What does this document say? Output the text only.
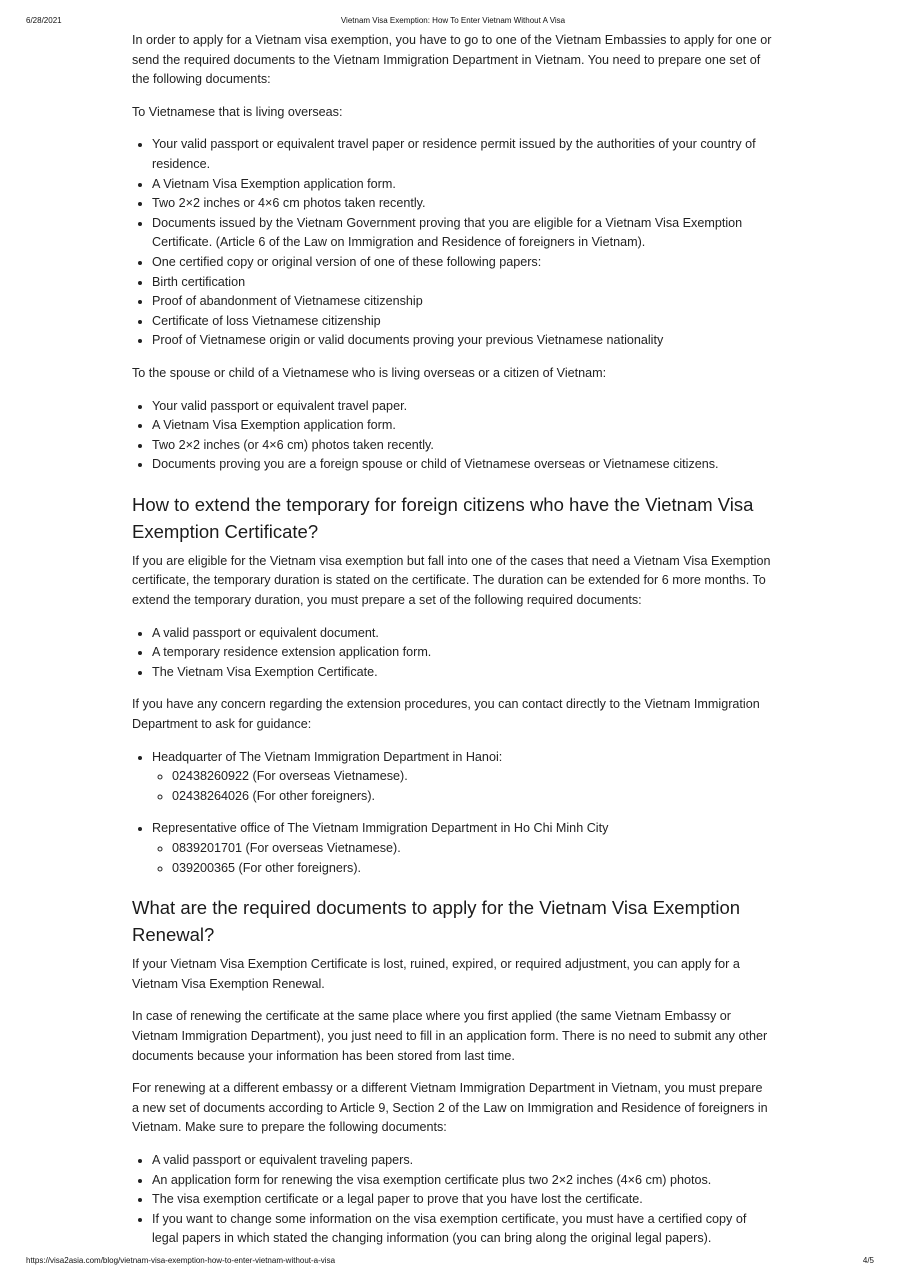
6/28/2021	Vietnam Visa Exemption: How To Enter Vietnam Without A Visa

In order to apply for a Vietnam visa exemption, you have to go to one of the Vietnam Embassies to apply for one or send the required documents to the Vietnam Immigration Department in Vietnam. You need to prepare one set of the following documents:

To Vietnamese that is living overseas:

• Your valid passport or equivalent travel paper or residence permit issued by the authorities of your country of residence.
• A Vietnam Visa Exemption application form.
• Two 2×2 inches or 4×6 cm photos taken recently.
• Documents issued by the Vietnam Government proving that you are eligible for a Vietnam Visa Exemption Certificate. (Article 6 of the Law on Immigration and Residence of foreigners in Vietnam).
• One certified copy or original version of one of these following papers:
• Birth certification
• Proof of abandonment of Vietnamese citizenship
• Certificate of loss Vietnamese citizenship
• Proof of Vietnamese origin or valid documents proving your previous Vietnamese nationality

To the spouse or child of a Vietnamese who is living overseas or a citizen of Vietnam:

• Your valid passport or equivalent travel paper.
• A Vietnam Visa Exemption application form.
• Two 2×2 inches (or 4×6 cm) photos taken recently.
• Documents proving you are a foreign spouse or child of Vietnamese overseas or Vietnamese citizens.
How to extend the temporary for foreign citizens who have the Vietnam Visa Exemption Certificate?

If you are eligible for the Vietnam visa exemption but fall into one of the cases that need a Vietnam Visa Exemption certificate, the temporary duration is stated on the certificate. The duration can be extended for 6 more months. To extend the temporary duration, you must prepare a set of the following required documents:

• A valid passport or equivalent document.
• A temporary residence extension application form.
• The Vietnam Visa Exemption Certificate.

If you have any concern regarding the extension procedures, you can contact directly to the Vietnam Immigration Department to ask for guidance:

• Headquarter of The Vietnam Immigration Department in Hanoi:
◦ 02438260922 (For overseas Vietnamese).
◦ 02438264026 (For other foreigners).
• Representative office of The Vietnam Immigration Department in Ho Chi Minh City
◦ 0839201701 (For overseas Vietnamese).
◦ 039200365 (For other foreigners).
What are the required documents to apply for the Vietnam Visa Exemption Renewal?

If your Vietnam Visa Exemption Certificate is lost, ruined, expired, or required adjustment, you can apply for a Vietnam Visa Exemption Renewal.

In case of renewing the certificate at the same place where you first applied (the same Vietnam Embassy or Vietnam Immigration Department), you just need to fill in an application form. There is no need to submit any other documents because your information has been stored from last time.

For renewing at a different embassy or a different Vietnam Immigration Department in Vietnam, you must prepare a new set of documents according to Article 9, Section 2 of the Law on Immigration and Residence of foreigners in Vietnam. Make sure to prepare the following documents:

• A valid passport or equivalent traveling papers.
• An application form for renewing the visa exemption certificate plus two 2×2 inches (4×6 cm) photos.
• The visa exemption certificate or a legal paper to prove that you have lost the certificate.
• If you want to change some information on the visa exemption certificate, you must have a certified copy of legal papers in which stated the changing information (you can bring along the original legal papers).
https://visa2asia.com/blog/vietnam-visa-exemption-how-to-enter-vietnam-without-a-visa	4/5
